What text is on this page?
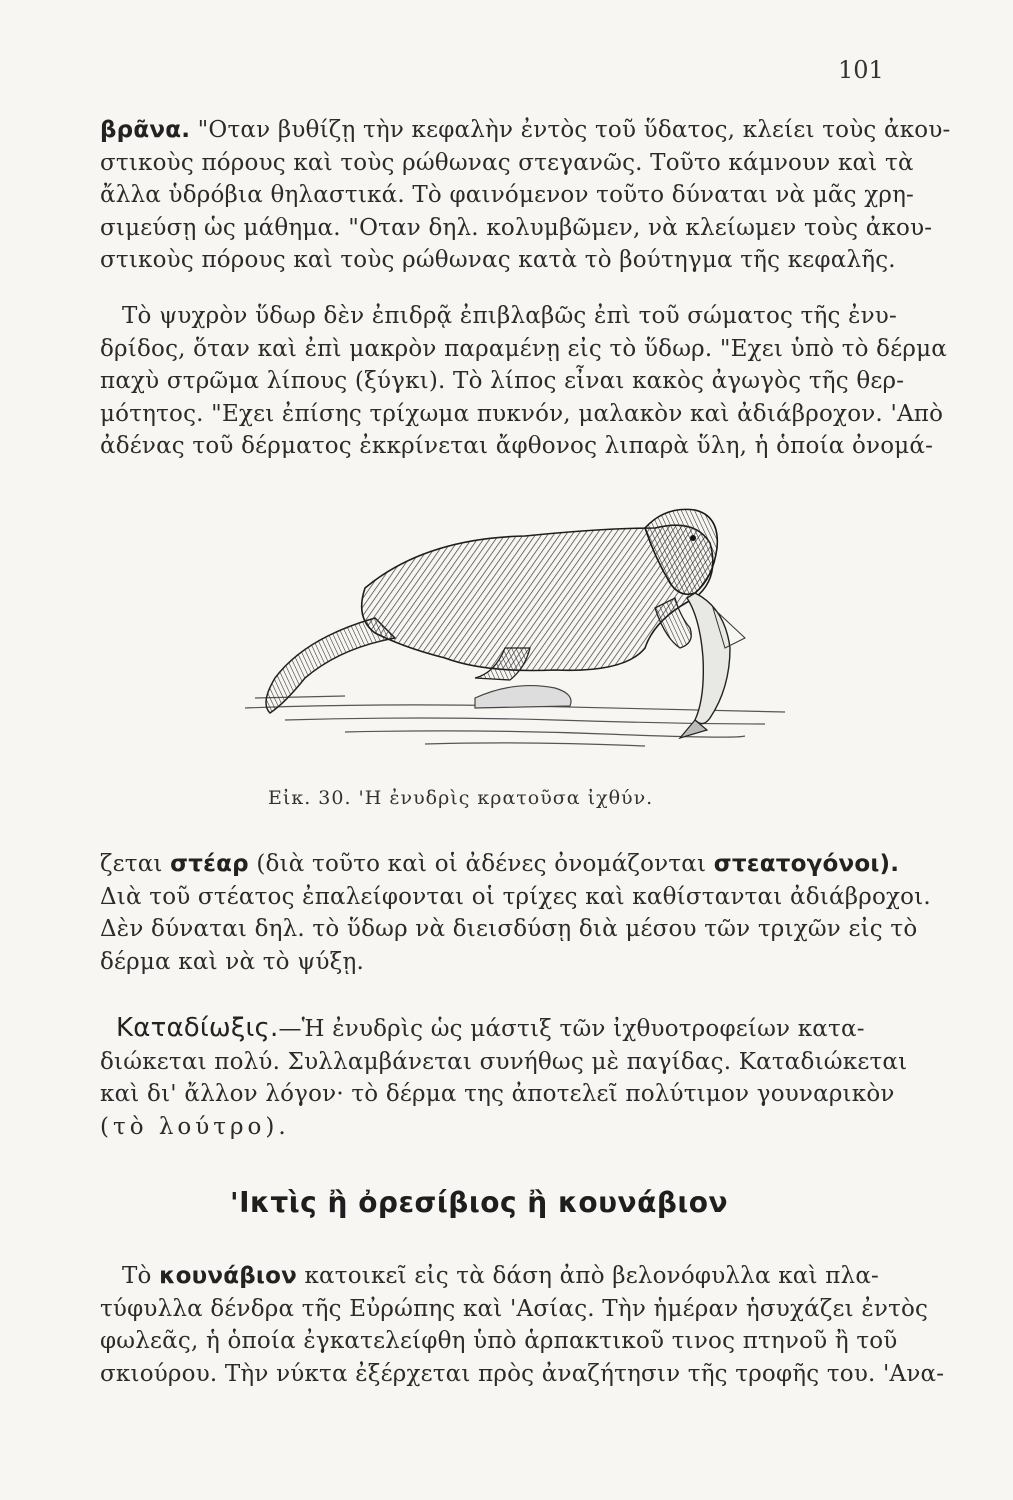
101
βρᾶνα. "Οταν βυθίζῃ τὴν κεφαλὴν ἐντὸς τοῦ ὕδατος, κλείει τοὺς ἀκου-
στικοὺς πόρους καὶ τοὺς ρώθωνας στεγανῶς. Τοῦτο κάμνουν καὶ τὰ
ἄλλα ὑδρόβια θηλαστικά. Τὸ φαινόμενον τοῦτο δύναται νὰ μᾶς χρη-
σιμεύσῃ ὡς μάθημα. "Οταν δηλ. κολυμβῶμεν, νὰ κλείωμεν τοὺς ἀκου-
στικοὺς πόρους καὶ τοὺς ρώθωνας κατὰ τὸ βούτηγμα τῆς κεφαλῆς.
Τὸ ψυχρὸν ὕδωρ δὲν ἐπιδρᾷ ἐπιβλαβῶς ἐπὶ τοῦ σώματος τῆς ἐνυ-
δρίδος, ὅταν καὶ ἐπὶ μακρὸν παραμένῃ εἰς τὸ ὕδωρ. "Εχει ὑπὸ τὸ δέρμα
παχὺ στρῶμα λίπους (ξύγκι). Τὸ λίπος εἶναι κακὸς ἀγωγὸς τῆς θερ-
μότητος. "Εχει ἐπίσης τρίχωμα πυκνόν, μαλακὸν καὶ ἀδιάβροχον. 'Απὸ
ἀδένας τοῦ δέρματος ἐκκρίνεται ἄφθονος λιπαρὰ ὕλη, ἡ ὁποία ὀνομά-
Εἰκ. 30. 'Η ἐνυδρὶς κρατοῦσα ἰχθύν.
ζεται στέαρ (διὰ τοῦτο καὶ οἱ ἀδένες ὀνομάζονται στεατογόνοι).
Διὰ τοῦ στέατος ἐπαλείφονται οἱ τρίχες καὶ καθίστανται ἀδιάβροχοι.
Δὲν δύναται δηλ. τὸ ὕδωρ νὰ διεισδύσῃ διὰ μέσου τῶν τριχῶν εἰς τὸ
δέρμα καὶ νὰ τὸ ψύξῃ.
Καταδίωξις.—Ἡ ἐνυδρὶς ὡς μάστιξ τῶν ἰχθυοτροφείων κατα-
διώκεται πολύ. Συλλαμβάνεται συνήθως μὲ παγίδας. Καταδιώκεται
καὶ δι' ἄλλον λόγον· τὸ δέρμα της ἀποτελεῖ πολύτιμον γουναρικὸν
(τὸ λούτρο).
'Ικτὶς ἢ ὀρεσίβιος ἢ κουνάβιον
Τὸ κουνάβιον κατοικεῖ εἰς τὰ δάση ἀπὸ βελονόφυλλα καὶ πλα-
τύφυλλα δένδρα τῆς Εὐρώπης καὶ 'Ασίας. Τὴν ἡμέραν ἡσυχάζει ἐντὸς
φωλεᾶς, ἡ ὁποία ἐγκατελείφθη ὑπὸ ἁρπακτικοῦ τινος πτηνοῦ ἢ τοῦ
σκιούρου. Τὴν νύκτα ἐξέρχεται πρὸς ἀναζήτησιν τῆς τροφῆς του. 'Ανα-
